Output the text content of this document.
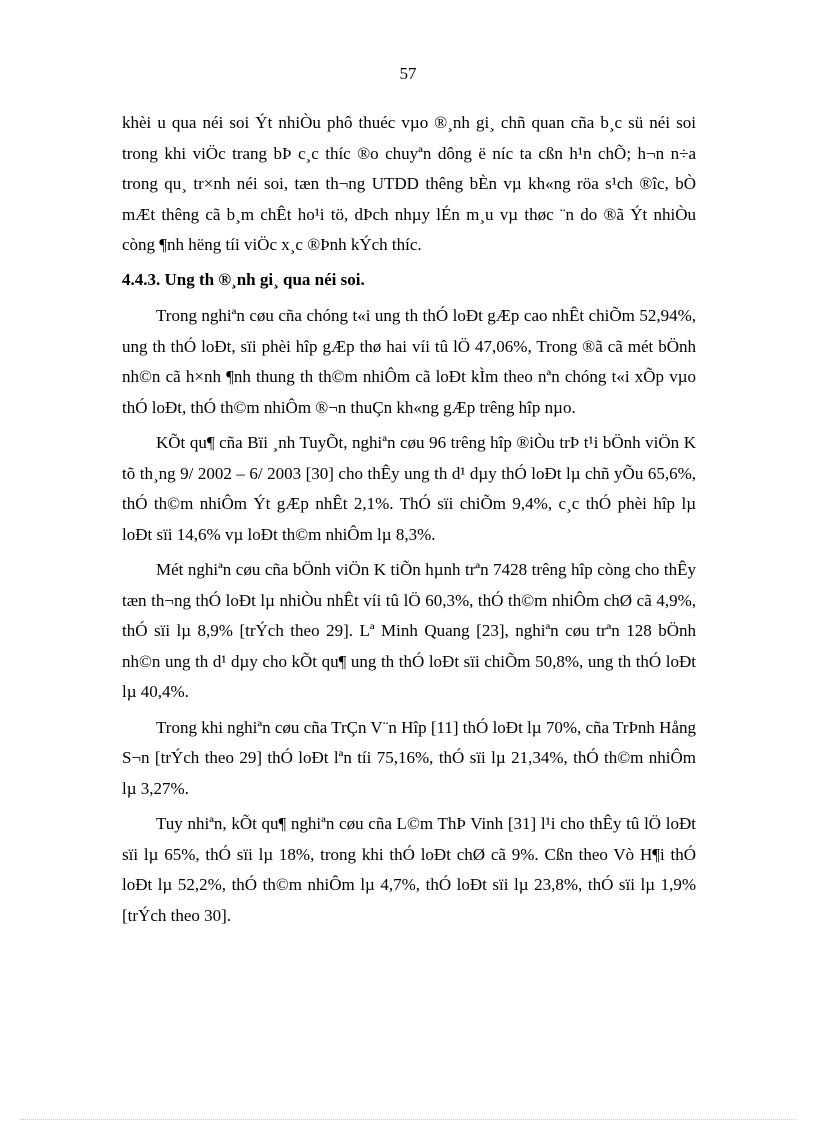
57

khèi u qua néi soi Ýt nhiÒu phô thuéc vµo ®¸nh gi¸ chñ quan cña b¸c sü néi soi trong khi viÖc trang bÞ c¸c thíc ®o chuyªn dông ë níc ta cßn h¹n chÕ; h¬n n÷a trong qu¸ tr×nh néi soi, tæn th¬ng UTDD thêng bÈn vµ kh«ng röa s¹ch ®îc, bÒ mÆt thêng cã b¸m chÊt ho¹i tö, dÞch nhµy lÉn m¸u vµ thøc ¨n do ®ã Ýt nhiÒu còng ¶nh hëng tíi viÖc x¸c ®Þnh kÝch thíc.

4.4.3. Ung th ®¸nh gi¸ qua néi soi.

Trong nghiªn cøu cña chóng t«i ung th thÓ loÐt gÆp cao nhÊt chiÕm 52,94%, ung th thÓ loÐt, sïi phèi hîp gÆp thø hai víi tû lÖ 47,06%, Trong ®ã cã mét bÖnh nh©n cã h×nh ¶nh thung th th©m nhiÔm cã loÐt kÌm theo nªn chóng t«i xÕp vµo thÓ loÐt, thÓ th©m nhiÔm ®¬n thuÇn kh«ng gÆp trêng hîp nµo.

KÕt qu¶ cña Bïi ¸nh TuyÕt, nghiªn cøu 96 trêng hîp ®iÒu trÞ t¹i bÖnh viÖn K tõ th¸ng 9/ 2002 – 6/ 2003 [30] cho thÊy ung th d¹ dµy thÓ loÐt lµ chñ yÕu 65,6%, thÓ th©m nhiÔm Ýt gÆp nhÊt 2,1%. ThÓ sïi chiÕm 9,4%, c¸c thÓ phèi hîp lµ loÐt sïi 14,6% vµ loÐt th©m nhiÔm lµ 8,3%.

Mét nghiªn cøu cña bÖnh viÖn K tiÕn hµnh trªn 7428 trêng hîp còng cho thÊy tæn th¬ng thÓ loÐt lµ nhiÒu nhÊt víi tû lÖ 60,3%, thÓ th©m nhiÔm chØ cã 4,9%, thÓ sïi lµ 8,9% [trÝch theo 29]. Lª Minh Quang [23], nghiªn cøu trªn 128 bÖnh nh©n ung th d¹ dµy cho kÕt qu¶ ung th thÓ loÐt sïi chiÕm 50,8%, ung th thÓ loÐt lµ 40,4%.

Trong khi nghiªn cøu cña TrÇn V¨n Hîp [11] thÓ loÐt lµ 70%, cña TrÞnh Hång S¬n [trÝch theo 29] thÓ loÐt lªn tíi 75,16%, thÓ sïi lµ 21,34%, thÓ th©m nhiÔm lµ 3,27%.

Tuy nhiªn, kÕt qu¶ nghiªn cøu cña L©m ThÞ Vinh [31] l¹i cho thÊy tû lÖ loÐt sïi lµ 65%, thÓ sïi lµ 18%, trong khi thÓ loÐt chØ cã 9%. Cßn theo Vò H¶i thÓ loÐt lµ 52,2%, thÓ th©m nhiÔm lµ 4,7%, thÓ loÐt sïi lµ 23,8%, thÓ sïi lµ 1,9% [trÝch theo 30].
